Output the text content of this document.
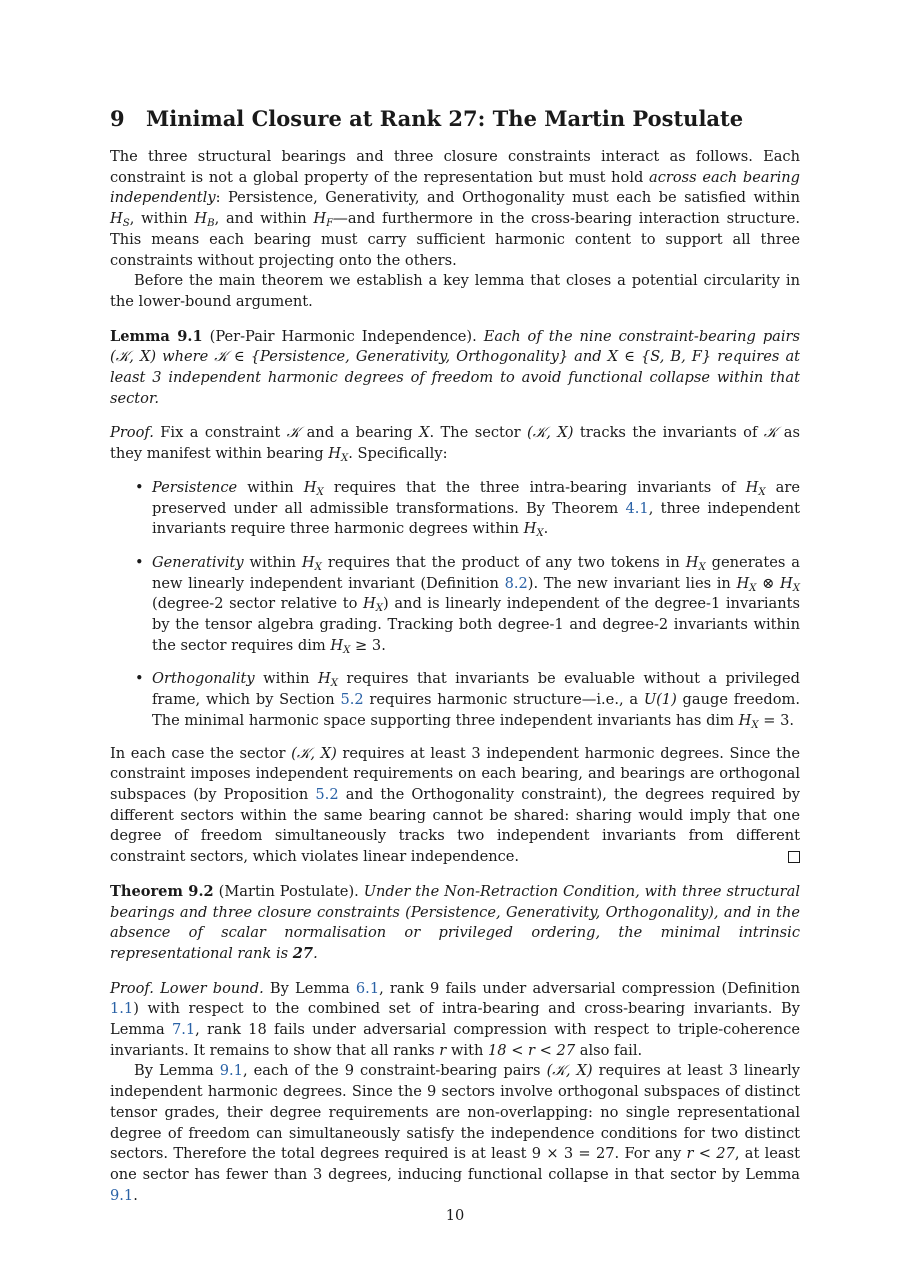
9 Minimal Closure at Rank 27: The Martin Postulate

The three structural bearings and three closure constraints interact as follows. Each constraint is not a global property of the representation but must hold across each bearing independently: Persistence, Generativity, and Orthogonality must each be satisfied within $H_S$, within $H_B$, and within $H_F—and$ furthermore in the cross-bearing interaction structure. This means each bearing must carry sufficient harmonic content to support all three constraints without projecting onto the others.

Before the main theorem we establish a key lemma that closes a potential circularity in the lower-bound argument.

Lemma 9.1 (Per-Pair Harmonic Independence). Each of the nine constraint-bearing pairs (𝒦, X) where 𝒦 ∈ {Persistence, Generativity, Orthogonality} and X ∈ {S, B, F} requires at least 3 independent harmonic degrees of freedom to avoid functional collapse within that sector.

Proof. Fix a constraint 𝒦 and a bearing X. The sector (𝒦, X) tracks the invariants of 𝒦 as they manifest within bearing $H_X$. Specifically:

• Persistence within $H_X$ requires that the three intra-bearing invariants of $H_X$ are preserved under all admissible transformations. By Theorem 4.1, three independent invariants require three harmonic degrees within $H_X$.
• Generativity within $H_X$ requires that the product of any two tokens in $H_X$ generates a new linearly independent invariant (Definition 8.2). The new invariant lies in $H_X$ ⊗ $H_X$ (degree-2 sector relative to $H_X$) and is linearly independent of the degree-1 invariants by the tensor algebra grading. Tracking both degree-1 and degree-2 invariants within the sector requires dim $H_X \ge 3$.
• Orthogonality within $H_X$ requires that invariants be evaluable without a privileged frame, which by Section 5.2 requires harmonic structure—i.e., a U(1) gauge freedom. The minimal harmonic space supporting three independent invariants has dim $H_X = 3$.

In each case the sector (𝒦, X) requires at least 3 independent harmonic degrees. Since the constraint imposes independent requirements on each bearing, and bearings are orthogonal subspaces (by Proposition 5.2 and the Orthogonality constraint), the degrees required by different sectors within the same bearing cannot be shared: sharing would imply that one degree of freedom simultaneously tracks two independent invariants from different constraint sectors, which violates linear independence.

Theorem 9.2 (Martin Postulate). Under the Non-Retraction Condition, with three structural bearings and three closure constraints (Persistence, Generativity, Orthogonality), and in the absence of scalar normalisation or privileged ordering, the minimal intrinsic representational rank is 27.

Proof. Lower bound. By Lemma 6.1, rank 9 fails under adversarial compression (Definition 1.1) with respect to the combined set of intra-bearing and cross-bearing invariants. By Lemma 7.1, rank 18 fails under adversarial compression with respect to triple-coherence invariants. It remains to show that all ranks r with 18 < r < 27 also fail.

By Lemma 9.1, each of the 9 constraint-bearing pairs (𝒦, X) requires at least 3 linearly independent harmonic degrees. Since the 9 sectors involve orthogonal subspaces of distinct tensor grades, their degree requirements are non-overlapping: no single representational degree of freedom can simultaneously satisfy the independence conditions for two distinct sectors. Therefore the total degrees required is at least 9 × 3 = 27. For any r < 27, at least one sector has fewer than 3 degrees, inducing functional collapse in that sector by Lemma 9.1.

10
